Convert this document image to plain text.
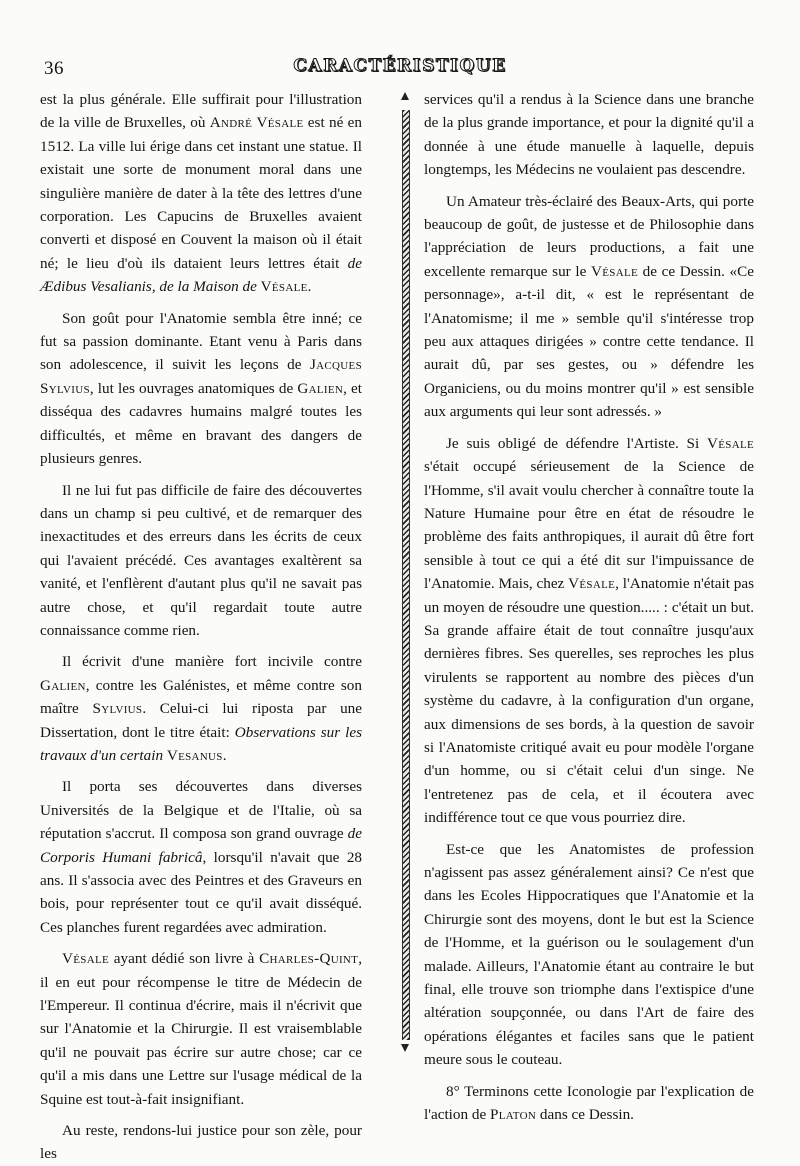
36	CARACTÉRISTIQUE

est la plus générale. Elle suffirait pour l'illustration de la ville de Bruxelles, où André Vésale est né en 1512. La ville lui érige dans cet instant une statue. Il existait une sorte de monument moral dans une singulière manière de dater à la tête des lettres d'une corporation. Les Capucins de Bruxelles avaient converti et disposé en Couvent la maison où il était né; le lieu d'où ils dataient leurs lettres était de Ædibus Vesalianis, de la Maison de Vésale.

Son goût pour l'Anatomie sembla être inné; ce fut sa passion dominante. Etant venu à Paris dans son adolescence, il suivit les leçons de Jacques Sylvius, lut les ouvrages anatomiques de Galien, et disséqua des cadavres humains malgré toutes les difficultés, et même en bravant des dangers de plusieurs genres.

Il ne lui fut pas difficile de faire des découvertes dans un champ si peu cultivé, et de remarquer des inexactitudes et des erreurs dans les écrits de ceux qui l'avaient précédé. Ces avantages exaltèrent sa vanité, et l'enflèrent d'autant plus qu'il ne savait pas autre chose, et qu'il regardait toute autre connaissance comme rien.

Il écrivit d'une manière fort incivile contre Galien, contre les Galénistes, et même contre son maître Sylvius. Celui-ci lui riposta par une Dissertation, dont le titre était: Observations sur les travaux d'un certain Vesanus.

Il porta ses découvertes dans diverses Universités de la Belgique et de l'Italie, où sa réputation s'accrut. Il composa son grand ouvrage de Corporis Humani fabricâ, lorsqu'il n'avait que 28 ans. Il s'associa avec des Peintres et des Graveurs en bois, pour représenter tout ce qu'il avait disséqué. Ces planches furent regardées avec admiration.

Vésale ayant dédié son livre à Charles-Quint, il en eut pour récompense le titre de Médecin de l'Empereur. Il continua d'écrire, mais il n'écrivit que sur l'Anatomie et la Chirurgie. Il est vraisemblable qu'il ne pouvait pas écrire sur autre chose; car ce qu'il a mis dans une Lettre sur l'usage médical de la Squine est tout-à-fait insignifiant.

Au reste, rendons-lui justice pour son zèle, pour les

services qu'il a rendus à la Science dans une branche de la plus grande importance, et pour la dignité qu'il a donnée à une étude manuelle à laquelle, depuis longtemps, les Médecins ne voulaient pas descendre.

Un Amateur très-éclairé des Beaux-Arts, qui porte beaucoup de goût, de justesse et de Philosophie dans l'appréciation de leurs productions, a fait une excellente remarque sur le Vésale de ce Dessin. «Ce personnage», a-t-il dit, « est le représentant de l'Anatomisme; il me » semble qu'il s'intéresse trop peu aux attaques dirigées » contre cette tendance. Il aurait dû, par ses gestes, ou » défendre les Organiciens, ou du moins montrer qu'il » est sensible aux arguments qui leur sont adressés. »

Je suis obligé de défendre l'Artiste. Si Vésale s'était occupé sérieusement de la Science de l'Homme, s'il avait voulu chercher à connaître toute la Nature Humaine pour être en état de résoudre le problème des faits anthropiques, il aurait dû être fort sensible à tout ce qui a été dit sur l'impuissance de l'Anatomie. Mais, chez Vésale, l'Anatomie n'était pas un moyen de résoudre une question..... : c'était un but. Sa grande affaire était de tout connaître jusqu'aux dernières fibres. Ses querelles, ses reproches les plus virulents se rapportent au nombre des pièces d'un système du cadavre, à la configuration d'un organe, aux dimensions de ses bords, à la question de savoir si l'Anatomiste critiqué avait eu pour modèle l'organe d'un homme, ou si c'était celui d'un singe. Ne l'entretenez pas de cela, et il écoutera avec indifférence tout ce que vous pourriez dire.

Est-ce que les Anatomistes de profession n'agissent pas assez généralement ainsi? Ce n'est que dans les Ecoles Hippocratiques que l'Anatomie et la Chirurgie sont des moyens, dont le but est la Science de l'Homme, et la guérison ou le soulagement d'un malade. Ailleurs, l'Anatomie étant au contraire le but final, elle trouve son triomphe dans l'extispice d'une altération soupçonnée, ou dans l'Art de faire des opérations élégantes et faciles sans que le patient meure sous le couteau.

8° Terminons cette Iconologie par l'explication de l'action de Platon dans ce Dessin.
